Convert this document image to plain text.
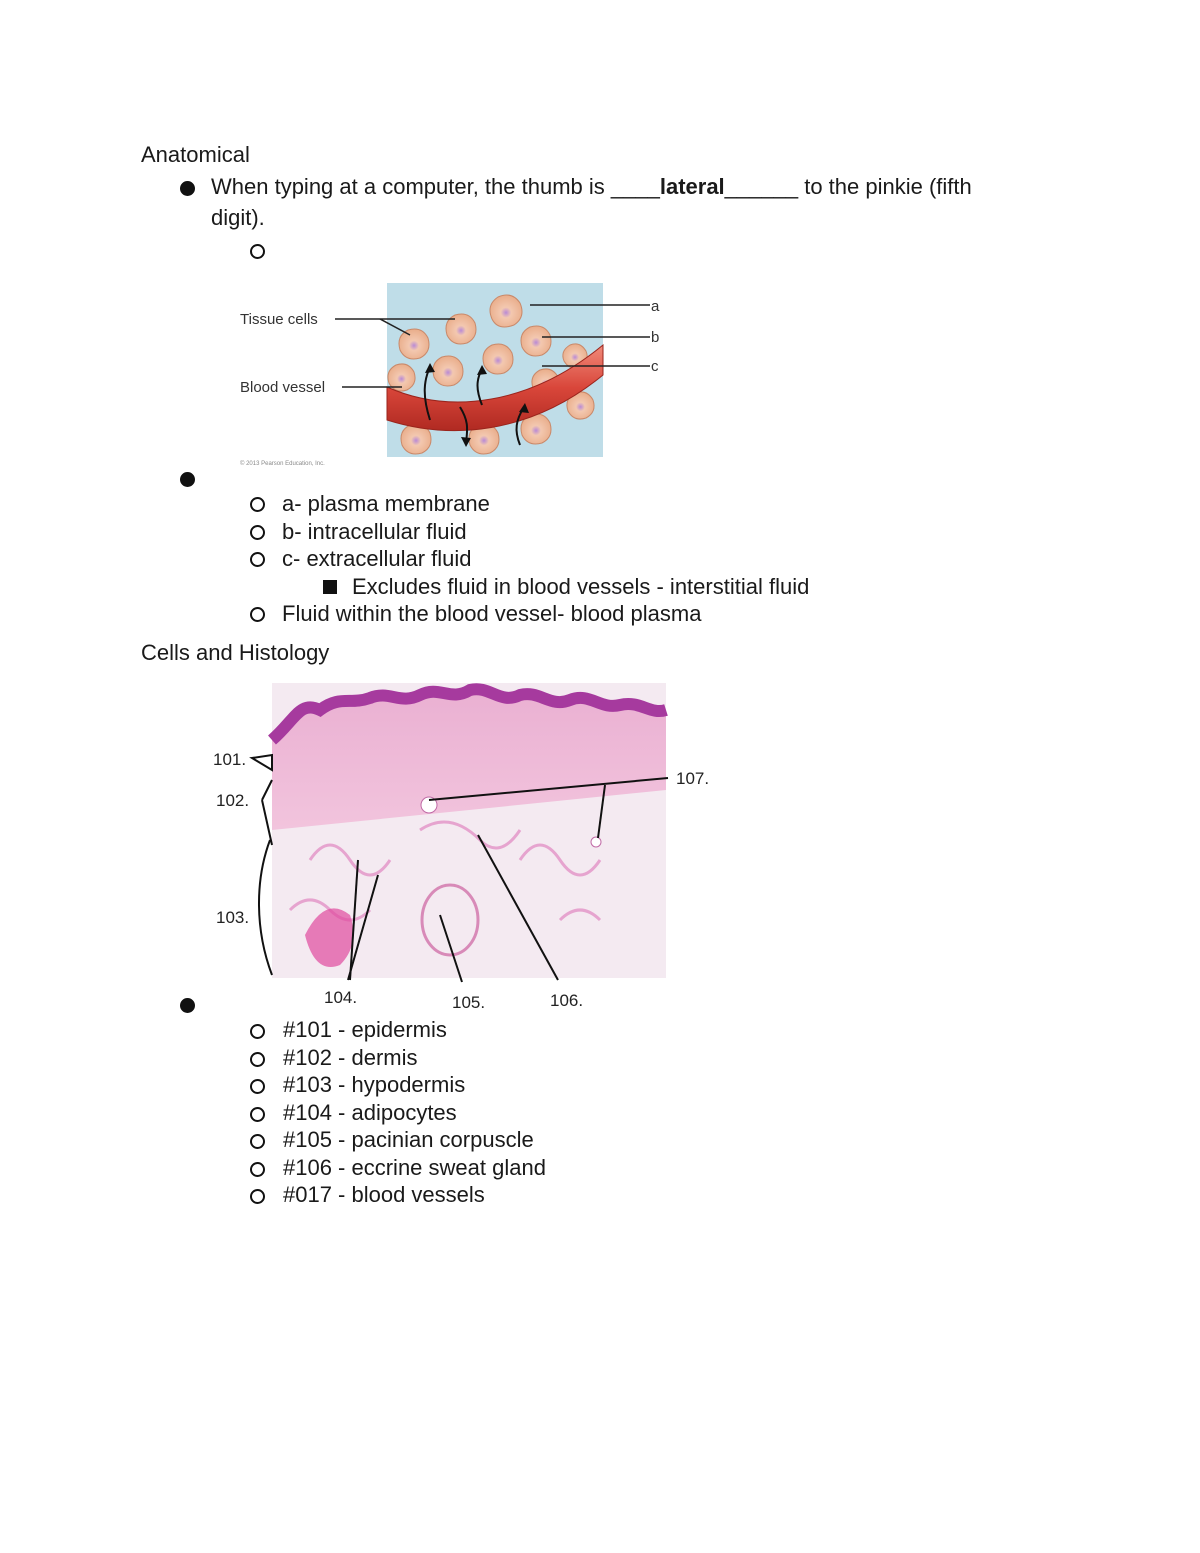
Anatomical
When typing at a computer, the thumb is ____lateral______ to the pinkie (fifth
digit).
Tissue cells
Blood vessel
a
b
c
© 2013 Pearson Education, Inc.
a- plasma membrane
b- intracellular fluid
c- extracellular fluid
Excludes fluid in blood vessels - interstitial fluid
Fluid within the blood vessel- blood plasma
Cells and Histology
101.
102.
103.
104.	105.	106.
107.
#101 - epidermis
#102 - dermis
#103 - hypodermis
#104 - adipocytes
#105 - pacinian corpuscle
#106 - eccrine sweat gland
#017 - blood vessels
